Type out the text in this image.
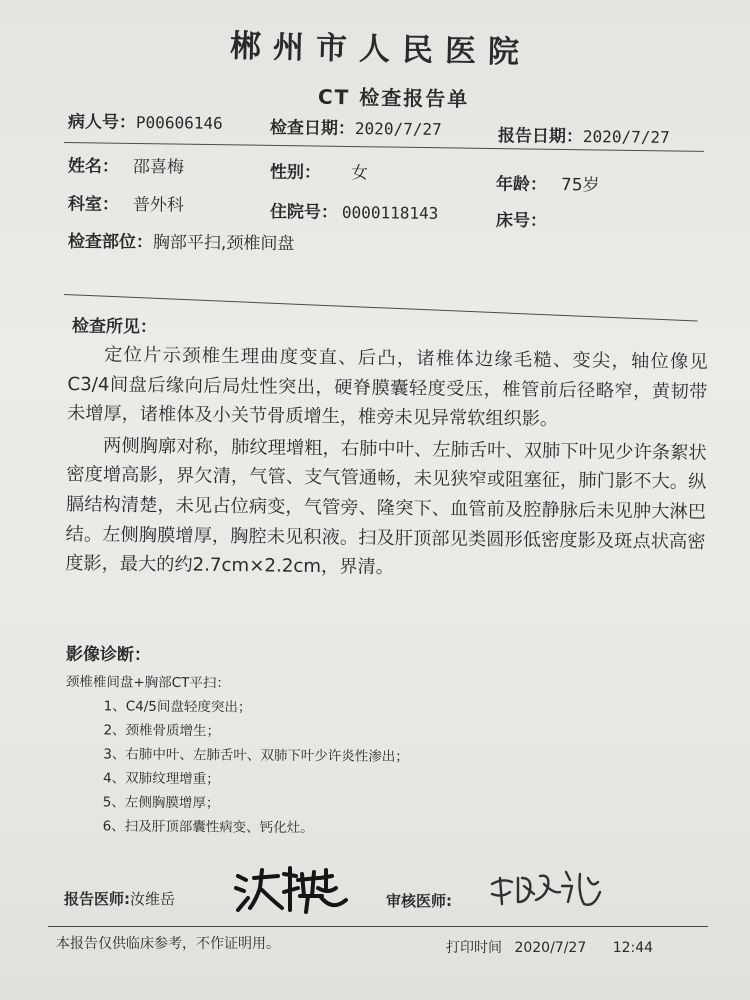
郴州市人民医院
CT 检查报告单
病人号：P00606146	检查日期：2020/7/27	报告日期：2020/7/27
姓名： 邵喜梅	性别： 女
年龄： 75岁
科室： 普外科	住院号： 0000118143	床号：
检查部位：胸部平扫,颈椎间盘
检查所见：

定位片示颈椎生理曲度变直、后凸，诸椎体边缘毛糙、变尖，轴位像见C3/4间盘后缘向后局灶性突出，硬脊膜囊轻度受压，椎管前后径略窄，黄韧带未增厚，诸椎体及小关节骨质增生，椎旁未见异常软组织影。

两侧胸廓对称，肺纹理增粗，右肺中叶、左肺舌叶、双肺下叶见少许条絮状密度增高影，界欠清，气管、支气管通畅，未见狭窄或阻塞征，肺门影不大。纵膈结构清楚，未见占位病变，气管旁、隆突下、血管前及腔静脉后未见肿大淋巴结。左侧胸膜增厚，胸腔未见积液。扫及肝顶部见类圆形低密度影及斑点状高密度影，最大的约2.7cm×2.2cm，界清。

影像诊断：
颈椎椎间盘+胸部CT平扫：
1、C4/5间盘轻度突出；
2、颈椎骨质增生；
3、右肺中叶、左肺舌叶、双肺下叶少许炎性渗出；
4、双肺纹理增重；
5、左侧胸膜增厚；
6、扫及肝顶部囊性病变、钙化灶。
报告医师:汝维岳	审核医师:
本报告仅供临床参考，不作证明用。	打印时间 2020/7/27 12:44
